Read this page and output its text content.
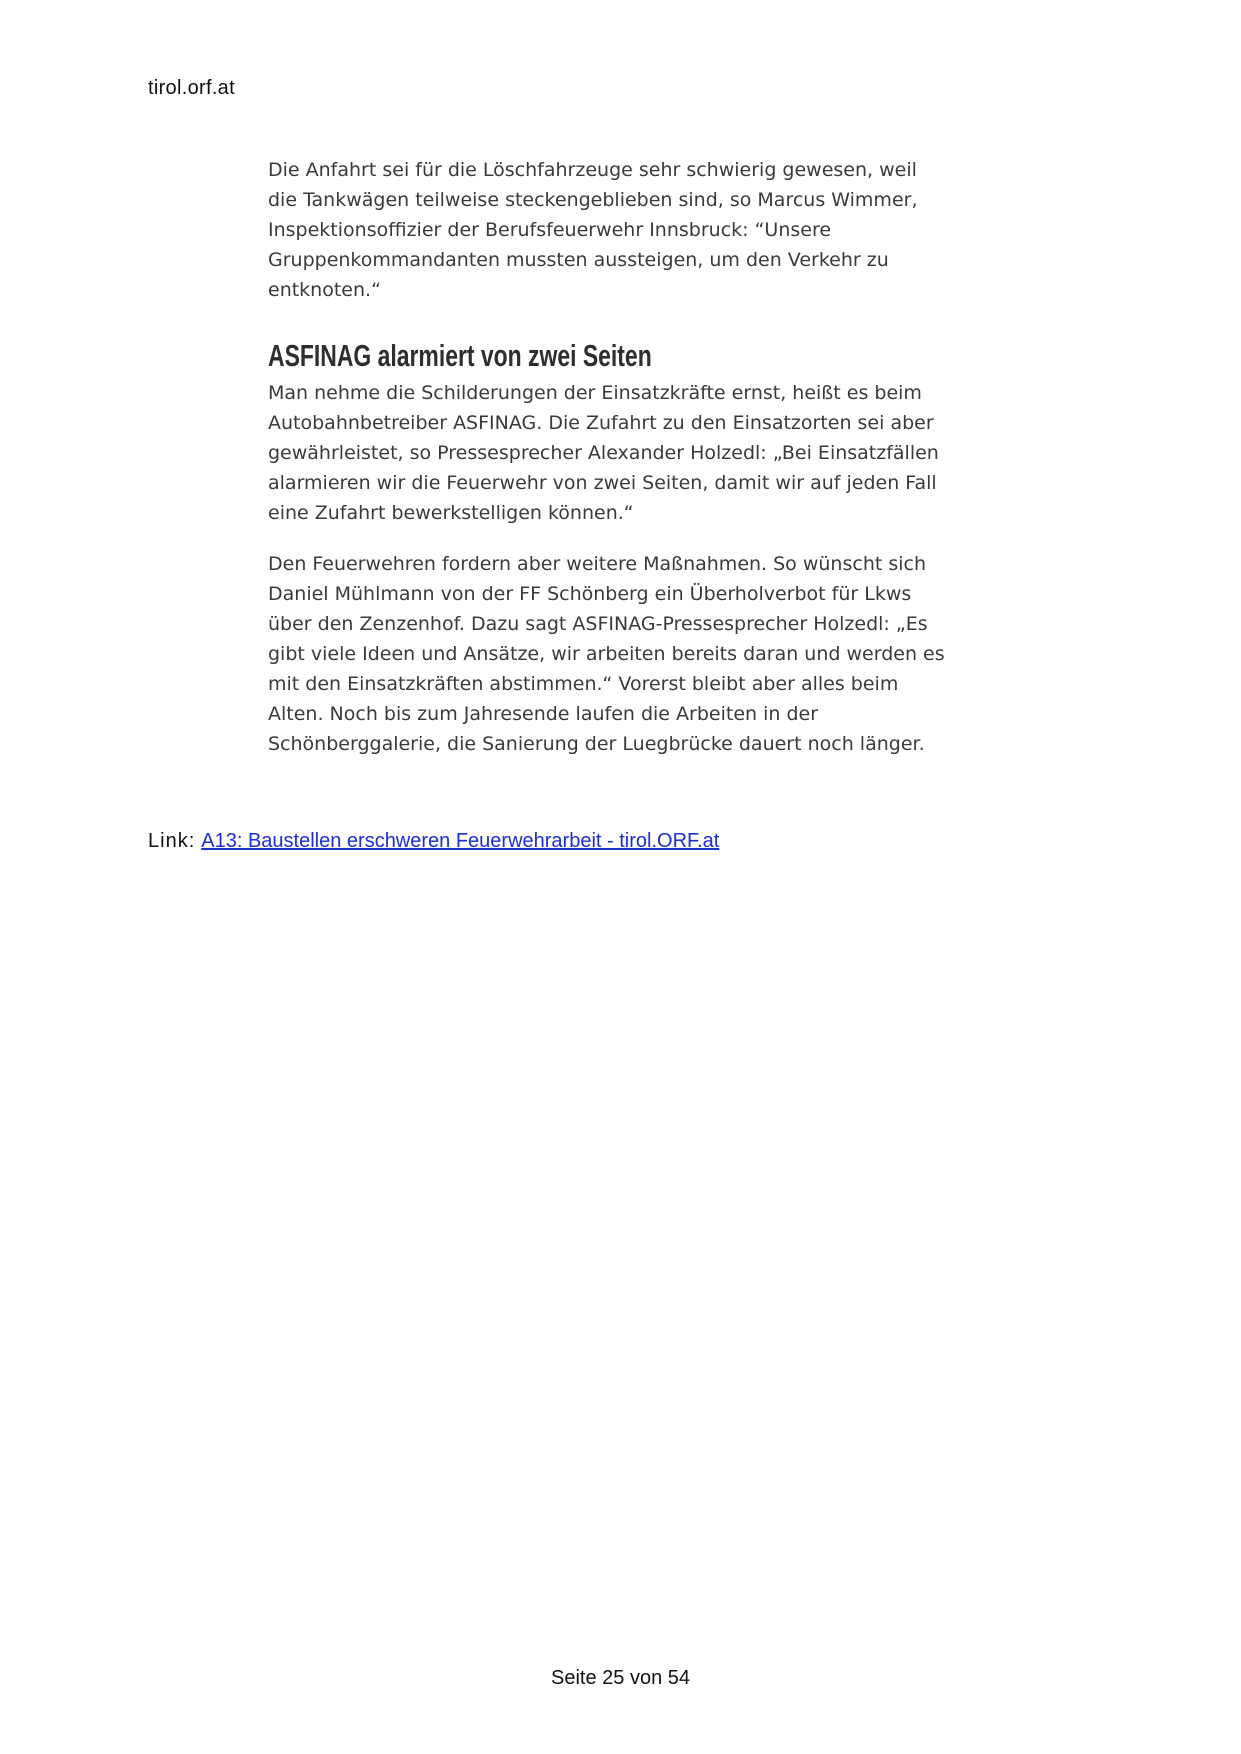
tirol.orf.at
Die Anfahrt sei für die Löschfahrzeuge sehr schwierig gewesen, weil
die Tankwägen teilweise steckengeblieben sind, so Marcus Wimmer,
Inspektionsoffizier der Berufsfeuerwehr Innsbruck: “Unsere
Gruppenkommandanten mussten aussteigen, um den Verkehr zu
entknoten.“
ASFINAG alarmiert von zwei Seiten
Man nehme die Schilderungen der Einsatzkräfte ernst, heißt es beim
Autobahnbetreiber ASFINAG. Die Zufahrt zu den Einsatzorten sei aber
gewährleistet, so Pressesprecher Alexander Holzedl: „Bei Einsatzfällen
alarmieren wir die Feuerwehr von zwei Seiten, damit wir auf jeden Fall
eine Zufahrt bewerkstelligen können.“
Den Feuerwehren fordern aber weitere Maßnahmen. So wünscht sich
Daniel Mühlmann von der FF Schönberg ein Überholverbot für Lkws
über den Zenzenhof. Dazu sagt ASFINAG-Pressesprecher Holzedl: „Es
gibt viele Ideen und Ansätze, wir arbeiten bereits daran und werden es
mit den Einsatzkräften abstimmen.“ Vorerst bleibt aber alles beim
Alten. Noch bis zum Jahresende laufen die Arbeiten in der
Schönberggalerie, die Sanierung der Luegbrücke dauert noch länger.
Link: A13: Baustellen erschweren Feuerwehrarbeit - tirol.ORF.at
Seite 25 von 54
